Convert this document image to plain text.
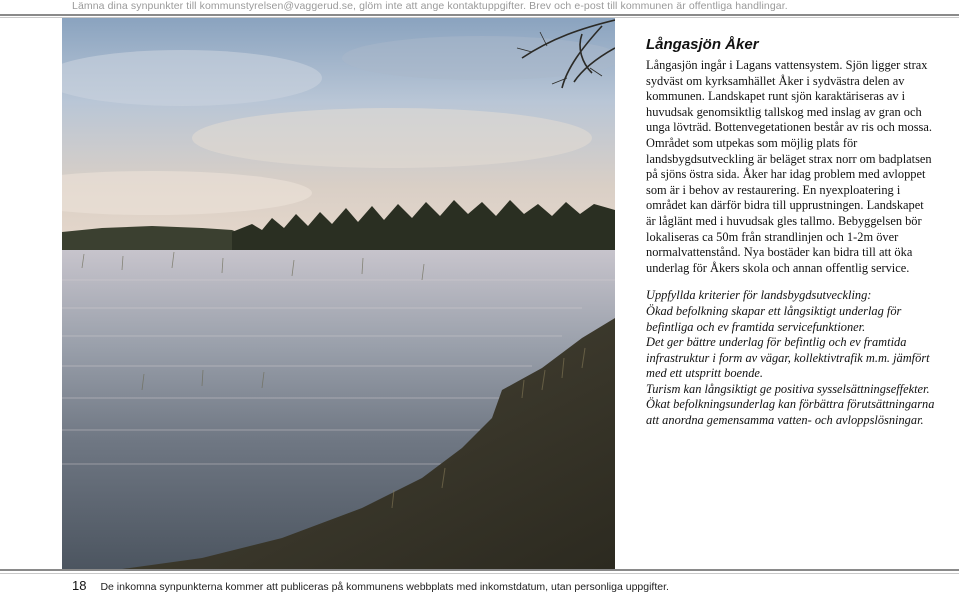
Lämna dina synpunkter till kommunstyrelsen@vaggerud.se, glöm inte att ange kontaktuppgifter. Brev och e-post till kommunen är offentliga handlingar.
Långasjön Åker

Långasjön ingår i Lagans vattensystem. Sjön ligger strax sydväst om kyrksamhället Åker i sydvästra delen av kommunen. Landskapet runt sjön karaktäriseras av i huvudsak genomsiktlig tallskog med inslag av gran och unga lövträd. Bottenvegetationen består av ris och mossa. Området som utpekas som möjlig plats för landsbygdsutveckling är beläget strax norr om badplatsen på sjöns östra sida. Åker har idag problem med avloppet som är i behov av restaurering. En nyexploatering i området kan därför bidra till upprustningen. Landskapet är låglänt med i huvudsak gles tallmo. Bebyggelsen bör lokaliseras ca 50m från strandlinjen och 1-2m över normalvattenstånd. Nya bostäder kan bidra till att öka underlag för Åkers skola och annan offentlig service.

Uppfyllda kriterier för landsbygdsutveckling:

Ökad befolkning skapar ett långsiktigt underlag för befintliga och ev framtida servicefunktioner.

Det ger bättre underlag för befintlig och ev framtida infrastruktur i form av vägar, kollektivtrafik m.m. jämfört med ett utspritt boende.

Turism kan långsiktigt ge positiva sysselsättningseffekter.

Ökat befolkningsunderlag kan förbättra förutsättningarna att anordna gemensamma vatten- och avloppslösningar.

18 De inkomna synpunkterna kommer att publiceras på kommunens webbplats med inkomstdatum, utan personliga uppgifter.
